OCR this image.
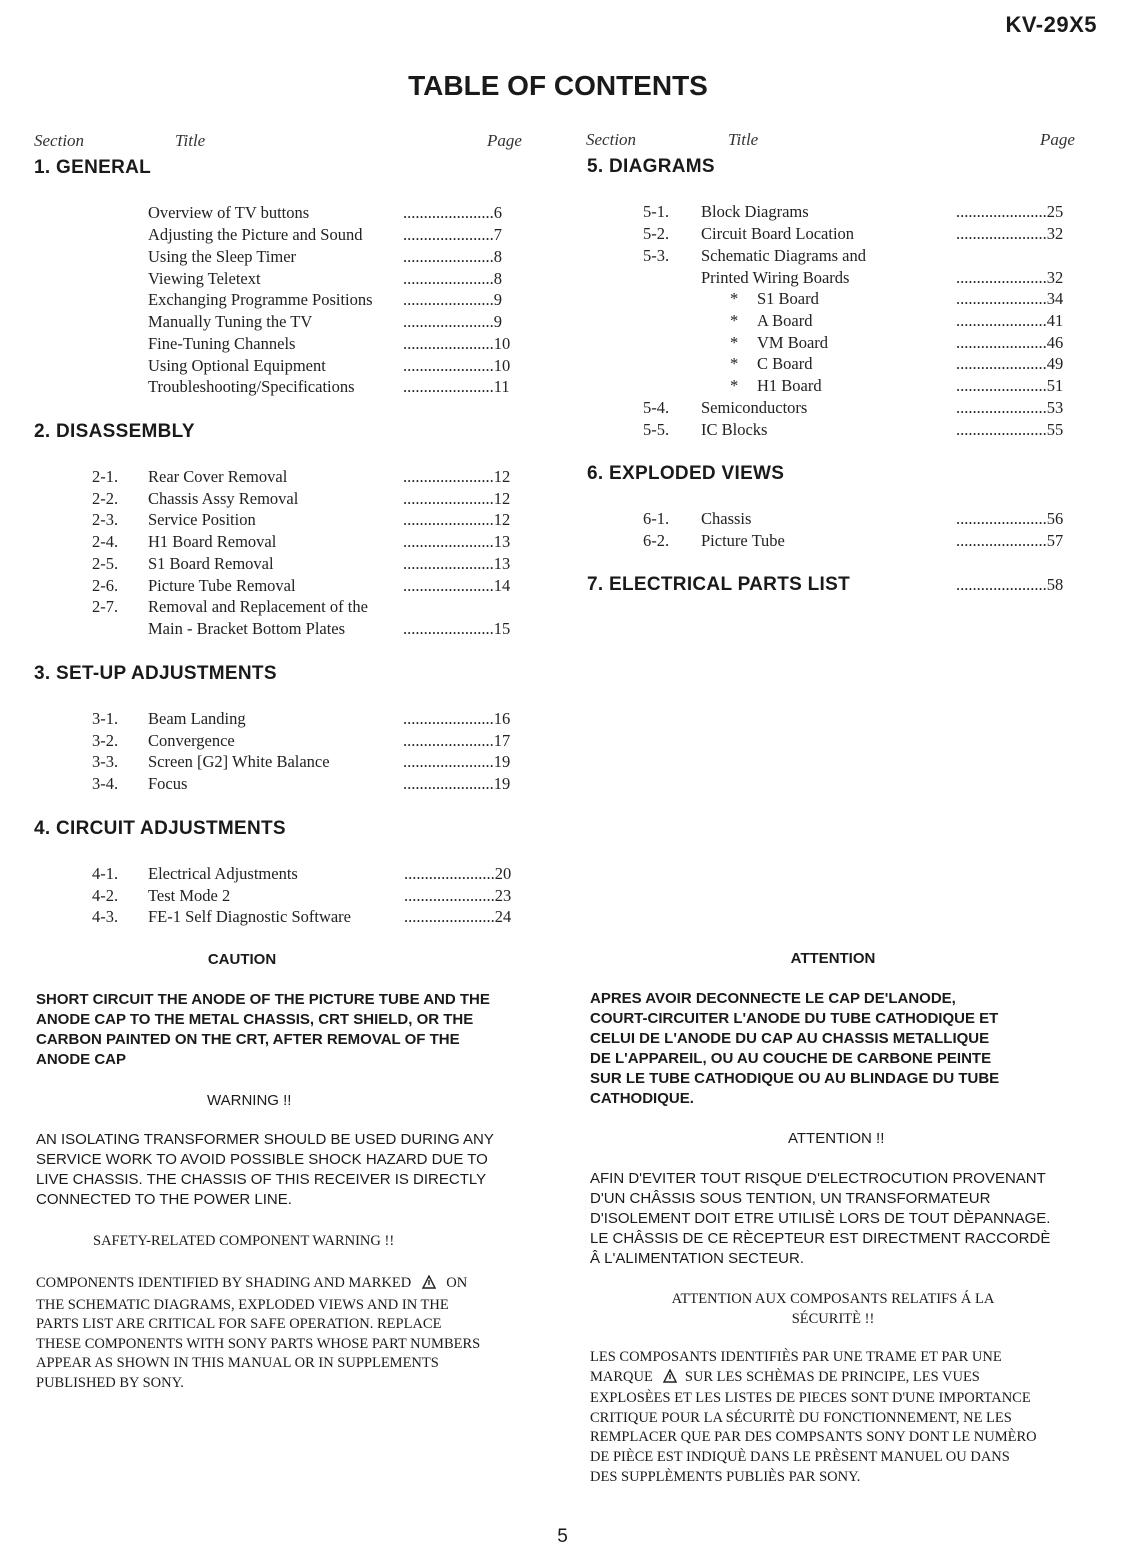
KV-29X5
TABLE OF CONTENTS
Section	Title	Page	Section	Title	Page
1. GENERAL
Overview of TV buttons	......................6
Adjusting the Picture and Sound ......................7
Using the Sleep Timer	......................8
Viewing Teletext	......................8
Exchanging Programme Positions ......................9
Manually Tuning the TV	......................9
Fine-Tuning Channels	......................10
Using Optional Equipment	......................10
Troubleshooting/Specifications	......................11
2. DISASSEMBLY
2-1. Rear Cover Removal	......................12
2-2. Chassis Assy Removal	......................12
2-3. Service Position	......................12
2-4. H1 Board Removal	......................13
2-5. S1 Board Removal	......................13
2-6. Picture Tube Removal	......................14
2-7. Removal and Replacement of the
Main - Bracket Bottom Plates	......................15
3. SET-UP ADJUSTMENTS
3-1. Beam Landing	......................16
3-2. Convergence	......................17
3-3. Screen [G2] White Balance	......................19
3-4. Focus	......................19
4. CIRCUIT ADJUSTMENTS
4-1. Electrical Adjustments	......................20
4-2. Test Mode 2	......................23
4-3. FE-1 Self Diagnostic Software	......................24
5. DIAGRAMS
5-1. Block Diagrams	......................25
5-2. Circuit Board Location	......................32
5-3. Schematic Diagrams and
Printed Wiring Boards	......................32
* S1 Board	......................34
* A Board	......................41
* VM Board	......................46
* C Board	......................49
* H1 Board	......................51
5-4. Semiconductors	......................53
5-5. IC Blocks	......................55
6. EXPLODED VIEWS
6-1. Chassis	......................56
6-2. Picture Tube	......................57
7. ELECTRICAL PARTS LIST	......................58
CAUTION
SHORT CIRCUIT THE ANODE OF THE PICTURE TUBE AND THE
ANODE CAP TO THE METAL CHASSIS, CRT SHIELD, OR THE
CARBON PAINTED ON THE CRT, AFTER REMOVAL OF THE
ANODE CAP
WARNING !!
AN ISOLATING TRANSFORMER SHOULD BE USED DURING ANY
SERVICE WORK TO AVOID POSSIBLE SHOCK HAZARD DUE TO
LIVE CHASSIS. THE CHASSIS OF THIS RECEIVER IS DIRECTLY
CONNECTED TO THE POWER LINE.
SAFETY-RELATED COMPONENT WARNING !!
COMPONENTS IDENTIFIED BY SHADING AND MARKED ON
THE SCHEMATIC DIAGRAMS, EXPLODED VIEWS AND IN THE
PARTS LIST ARE CRITICAL FOR SAFE OPERATION. REPLACE
THESE COMPONENTS WITH SONY PARTS WHOSE PART NUMBERS
APPEAR AS SHOWN IN THIS MANUAL OR IN SUPPLEMENTS
PUBLISHED BY SONY.
ATTENTION
APRES AVOIR DECONNECTE LE CAP DE'LANODE,
COURT-CIRCUITER L'ANODE DU TUBE CATHODIQUE ET
CELUI DE L'ANODE DU CAP AU CHASSIS METALLIQUE
DE L'APPAREIL, OU AU COUCHE DE CARBONE PEINTE
SUR LE TUBE CATHODIQUE OU AU BLINDAGE DU TUBE
CATHODIQUE.
ATTENTION !!
AFIN D'EVITER TOUT RISQUE D'ELECTROCUTION PROVENANT
D'UN CHÂSSIS SOUS TENTION, UN TRANSFORMATEUR
D'ISOLEMENT DOIT ETRE UTILISÈ LORS DE TOUT DÈPANNAGE.
LE CHÂSSIS DE CE RÈCEPTEUR EST DIRECTMENT RACCORDÈ
Â L'ALIMENTATION SECTEUR.
ATTENTION AUX COMPOSANTS RELATIFS Á LA
SÉCURITÈ !!
LES COMPOSANTS IDENTIFIÈS PAR UNE TRAME ET PAR UNE
MARQUE SUR LES SCHÈMAS DE PRINCIPE, LES VUES
EXPLOSÈES ET LES LISTES DE PIECES SONT D'UNE IMPORTANCE
CRITIQUE POUR LA SÉCURITÈ DU FONCTIONNEMENT, NE LES
REMPLACER QUE PAR DES COMPSANTS SONY DONT LE NUMÈRO
DE PIÈCE EST INDIQUÈ DANS LE PRÈSENT MANUEL OU DANS
DES SUPPLÈMENTS PUBLIÈS PAR SONY.
5
